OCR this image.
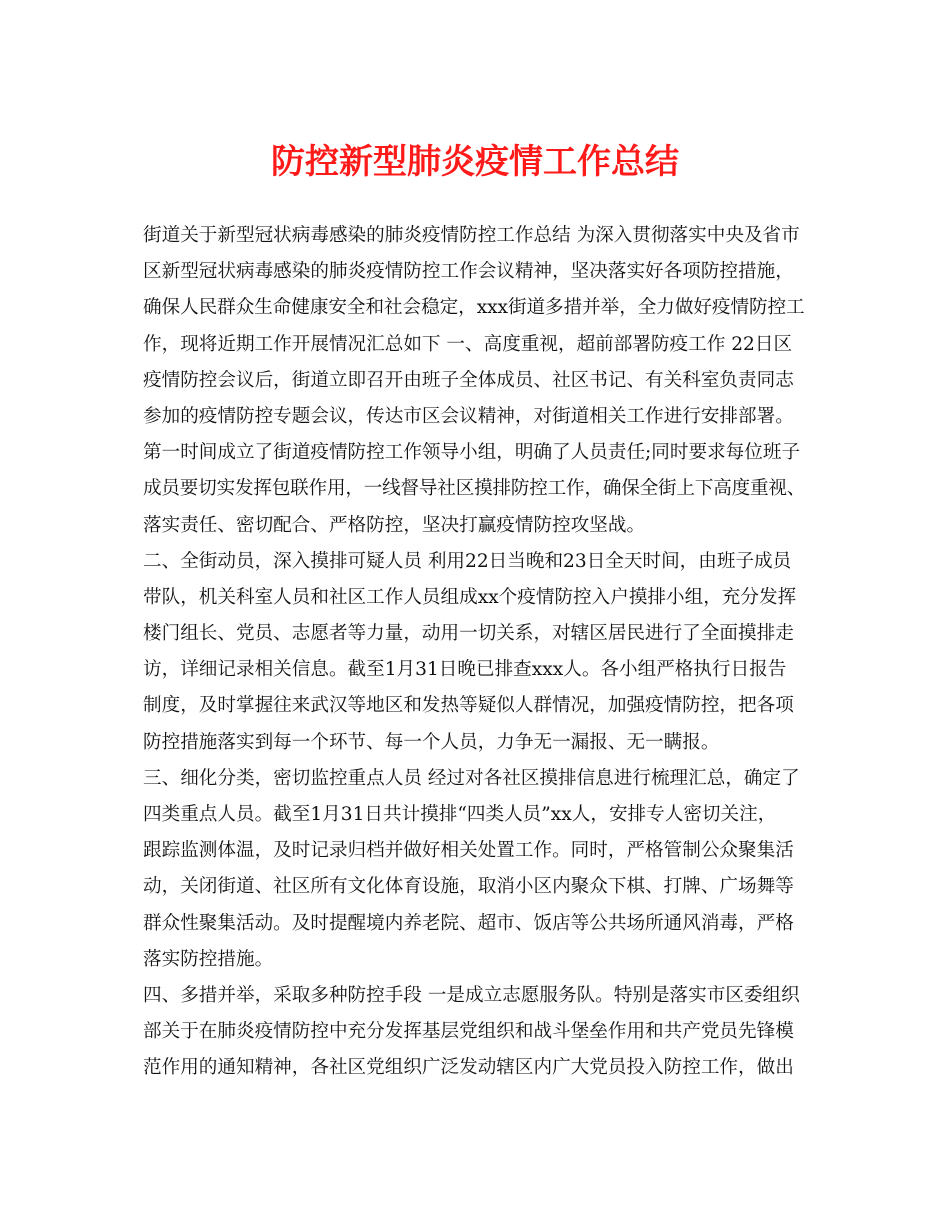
防控新型肺炎疫情工作总结

街道关于新型冠状病毒感染的肺炎疫情防控工作总结 为深入贯彻落实中央及省市

区新型冠状病毒感染的肺炎疫情防控工作会议精神，坚决落实好各项防控措施，

确保人民群众生命健康安全和社会稳定，xxx街道多措并举，全力做好疫情防控工

作，现将近期工作开展情况汇总如下 一、高度重视，超前部署防疫工作 22日区

疫情防控会议后，街道立即召开由班子全体成员、社区书记、有关科室负责同志

参加的疫情防控专题会议，传达市区会议精神，对街道相关工作进行安排部署。

第一时间成立了街道疫情防控工作领导小组，明确了人员责任;同时要求每位班子

成员要切实发挥包联作用，一线督导社区摸排防控工作，确保全街上下高度重视、

落实责任、密切配合、严格防控，坚决打赢疫情防控攻坚战。

二、全街动员，深入摸排可疑人员 利用22日当晚和23日全天时间，由班子成员

带队，机关科室人员和社区工作人员组成xx个疫情防控入户摸排小组，充分发挥

楼门组长、党员、志愿者等力量，动用一切关系，对辖区居民进行了全面摸排走

访，详细记录相关信息。截至1月31日晚已排查xxx人。各小组严格执行日报告

制度，及时掌握往来武汉等地区和发热等疑似人群情况，加强疫情防控，把各项

防控措施落实到每一个环节、每一个人员，力争无一漏报、无一瞒报。

三、细化分类，密切监控重点人员 经过对各社区摸排信息进行梳理汇总，确定了

四类重点人员。截至1月31日共计摸排“四类人员”xx人，安排专人密切关注，

跟踪监测体温，及时记录归档并做好相关处置工作。同时，严格管制公众聚集活

动，关闭街道、社区所有文化体育设施，取消小区内聚众下棋、打牌、广场舞等

群众性聚集活动。及时提醒境内养老院、超市、饭店等公共场所通风消毒，严格

落实防控措施。

四、多措并举，采取多种防控手段 一是成立志愿服务队。特别是落实市区委组织

部关于在肺炎疫情防控中充分发挥基层党组织和战斗堡垒作用和共产党员先锋模

范作用的通知精神，各社区党组织广泛发动辖区内广大党员投入防控工作，做出
